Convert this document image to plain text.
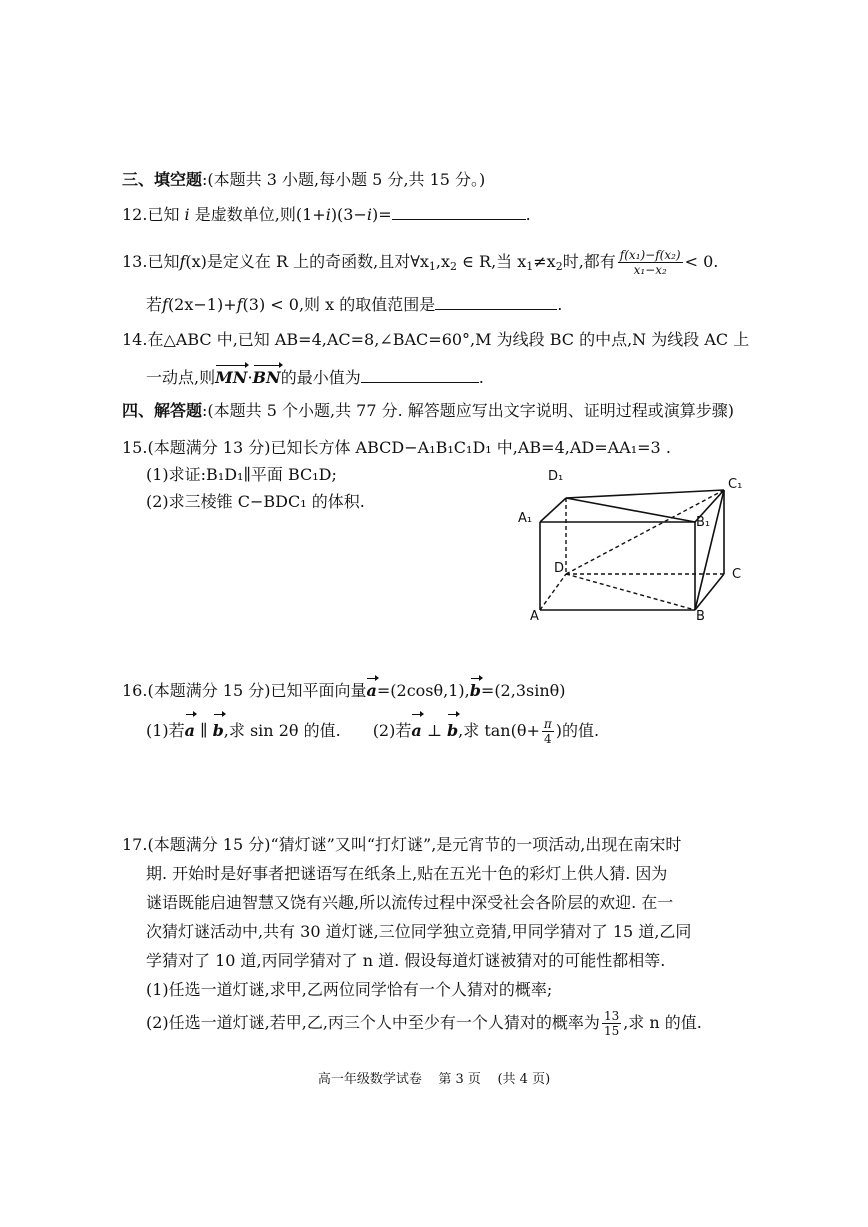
三、填空题:(本题共 3 小题,每小题 5 分,共 15 分。)
12.已知 i 是虚数单位,则(1+i)(3−i)=	.
13.已知f(x)是定义在 R 上的奇函数,且对$\forall x_1,x_2$ ∈ R,当 $x_1\ne x_2$时,都有 $\frac{\text{f(x₁)−f(x₂)}}{\text{x₁−x₂}} < 0$.
若f(2x−1)+f(3) < 0,则 x 的取值范围是	.
14.在△ABC 中,已知 AB=4,AC=8,∠BAC=60°,M 为线段 BC 的中点,N 为线段 AC 上
一动点,则MN·BN的最小值为	.
四、解答题:(本题共 5 个小题,共 77 分. 解答题应写出文字说明、证明过程或演算步骤)
15.(本题满分 13 分)已知长方体 ABCD−A₁B₁C₁D₁ 中,AB=4,AD=AA₁=3 .
(1)求证:B₁D₁∥平面 BC₁D;
(2)求三棱锥 C−BDC₁ 的体积.
D₁
C₁
A₁	B₁
D	C
A	B
16.(本题满分 15 分)已知平面向量a=(2cosθ,1),b=(2,3sinθ)
(1)若a ∥ b,求 sin 2θ 的值. (2)若a ⊥ b,求 $\tan(\theta+ \frac{\pi}{4}$ )的值.
17.(本题满分 15 分)“猜灯谜”又叫“打灯谜”,是元宵节的一项活动,出现在南宋时
期. 开始时是好事者把谜语写在纸条上,贴在五光十色的彩灯上供人猜. 因为
谜语既能启迪智慧又饶有兴趣,所以流传过程中深受社会各阶层的欢迎. 在一
次猜灯谜活动中,共有 30 道灯谜,三位同学独立竞猜,甲同学猜对了 15 道,乙同
学猜对了 10 道,丙同学猜对了 n 道. 假设每道灯谜被猜对的可能性都相等.
(1)任选一道灯谜,求甲,乙两位同学恰有一个人猜对的概率;
(2)任选一道灯谜,若甲,乙,丙三个人中至少有一个人猜对的概率为 $\frac{13}{15}$ ,求 n 的值.
高一年级数学试卷 第 3 页 (共 4 页)
